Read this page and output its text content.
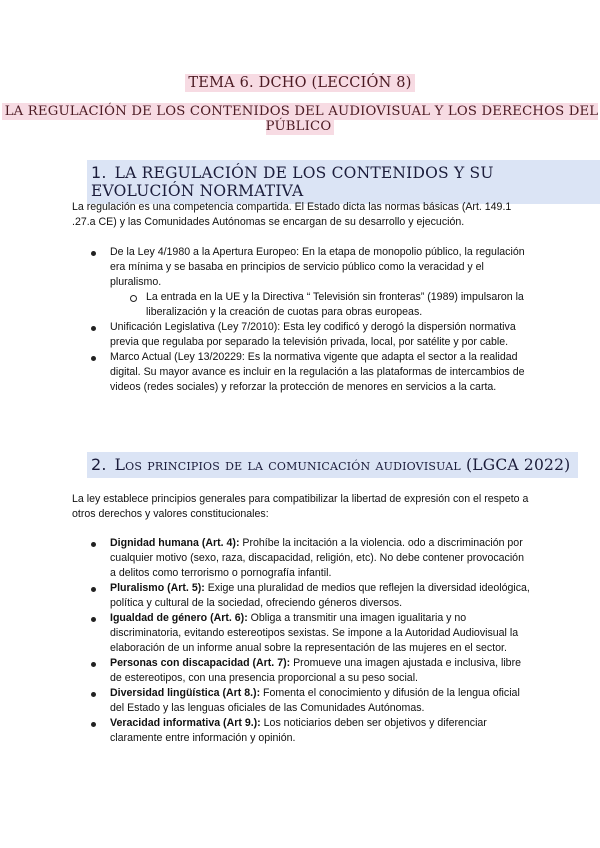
TEMA 6. DCHO (LECCIÓN 8)
LA REGULACIÓN DE LOS CONTENIDOS DEL AUDIOVISUAL Y LOS DERECHOS DEL PÚBLICO
1. LA REGULACIÓN DE LOS CONTENIDOS Y SU EVOLUCIÓN NORMATIVA
La regulación es una competencia compartida. El Estado dicta las normas básicas (Art. 149.1 .27.a CE) y las Comunidades Autónomas se encargan de su desarrollo y ejecución.
De la Ley 4/1980 a la Apertura Europeo: En la etapa de monopolio público, la regulación era mínima y se basaba en principios de servicio público como la veracidad y el pluralismo.
La entrada en la UE y la Directiva “ Televisión sin fronteras” (1989) impulsaron la liberalización y la creación de cuotas para obras europeas.
Unificación Legislativa (Ley 7/2010): Esta ley codificó y derogó la dispersión normativa previa que regulaba por separado la televisión privada, local, por satélite y por cable.
Marco Actual (Ley 13/20229: Es la normativa vigente que adapta el sector a la realidad digital. Su mayor avance es incluir en la regulación a las plataformas de intercambios de videos (redes sociales) y reforzar la protección de menores en servicios a la carta.
2. Los principios de la comunicación audiovisual (LGCA 2022)
La ley establece principios generales para compatibilizar la libertad de expresión con el respeto a otros derechos y valores constitucionales:
Dignidad humana (Art. 4): Prohíbe la incitación a la violencia. odo a discriminación por cualquier motivo (sexo, raza, discapacidad, religión, etc). No debe contener provocación a delitos como terrorismo o pornografía infantil.
Pluralismo (Art. 5): Exige una pluralidad de medios que reflejen la diversidad ideológica, política y cultural de la sociedad, ofreciendo géneros diversos.
Igualdad de género (Art. 6): Obliga a transmitir una imagen igualitaria y no discriminatoria, evitando estereotipos sexistas. Se impone a la Autoridad Audiovisual la elaboración de un informe anual sobre la representación de las mujeres en el sector.
Personas con discapacidad (Art. 7): Promueve una imagen ajustada e inclusiva, libre de estereotipos, con una presencia proporcional a su peso social.
Diversidad lingüística (Art 8.): Fomenta el conocimiento y difusión de la lengua oficial del Estado y las lenguas oficiales de las Comunidades Autónomas.
Veracidad informativa (Art 9.): Los noticiarios deben ser objetivos y diferenciar claramente entre información y opinión.
